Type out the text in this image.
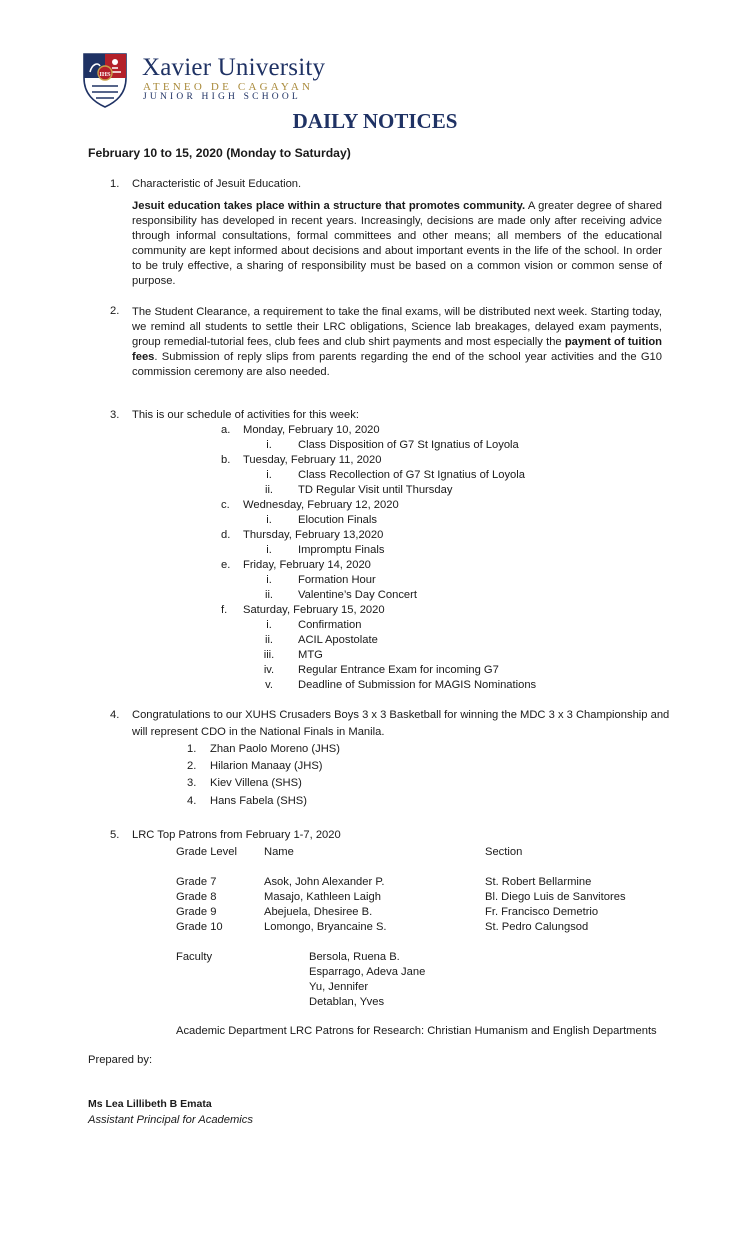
IHS Xavier University
ATENEO DE CAGAYAN
JUNIOR HIGH SCHOOL
DAILY NOTICES
February 10 to 15, 2020 (Monday to Saturday)
1. Characteristic of Jesuit Education.
Jesuit education takes place within a structure that promotes community. A greater degree of shared responsibility has developed in recent years. Increasingly, decisions are made only after receiving advice through informal consultations, formal committees and other means; all members of the educational community are kept informed about decisions and about important events in the life of the school. In order to be truly effective, a sharing of responsibility must be based on a common vision or common sense of purpose.
2. The Student Clearance, a requirement to take the final exams, will be distributed next week. Starting today, we remind all students to settle their LRC obligations, Science lab breakages, delayed exam payments, group remedial-tutorial fees, club fees and club shirt payments and most especially the payment of tuition fees. Submission of reply slips from parents regarding the end of the school year activities and the G10 commission ceremony are also needed.
3. This is our schedule of activities for this week:
a. Monday, February 10, 2020
i.	Class Disposition of G7 St Ignatius of Loyola
b. Tuesday, February 11, 2020
i.	Class Recollection of G7 St Ignatius of Loyola
ii. TD Regular Visit until Thursday
c. Wednesday, February 12, 2020
i.	Elocution Finals
d. Thursday, February 13,2020
i.	Impromptu Finals
e. Friday, February 14, 2020
i.	Formation Hour
ii. Valentine’s Day Concert
f. Saturday, February 15, 2020
i.	Confirmation
ii. ACIL Apostolate
iii. MTG
iv. Regular Entrance Exam for incoming G7
v. Deadline of Submission for MAGIS Nominations
4. Congratulations to our XUHS Crusaders Boys 3 x 3 Basketball for winning the MDC 3 x 3 Championship and
will represent CDO in the National Finals in Manila.
1. Zhan Paolo Moreno (JHS)
2. Hilarion Manaay (JHS)
3. Kiev Villena (SHS)
4. Hans Fabela (SHS)
5. LRC Top Patrons from February 1-7, 2020
Grade Level Name	Section
Grade 7	Asok, John Alexander P.	St. Robert Bellarmine
Grade 8	Masajo, Kathleen Laigh	Bl. Diego Luis de Sanvitores
Grade 9	Abejuela, Dhesiree B.	Fr. Francisco Demetrio
Grade 10	Lomongo, Bryancaine S.	St. Pedro Calungsod
Faculty	Bersola, Ruena B.
Esparrago, Adeva Jane
Yu, Jennifer
Detablan, Yves
Academic Department LRC Patrons for Research: Christian Humanism and English Departments
Prepared by:
Ms Lea Lillibeth B Emata
Assistant Principal for Academics
